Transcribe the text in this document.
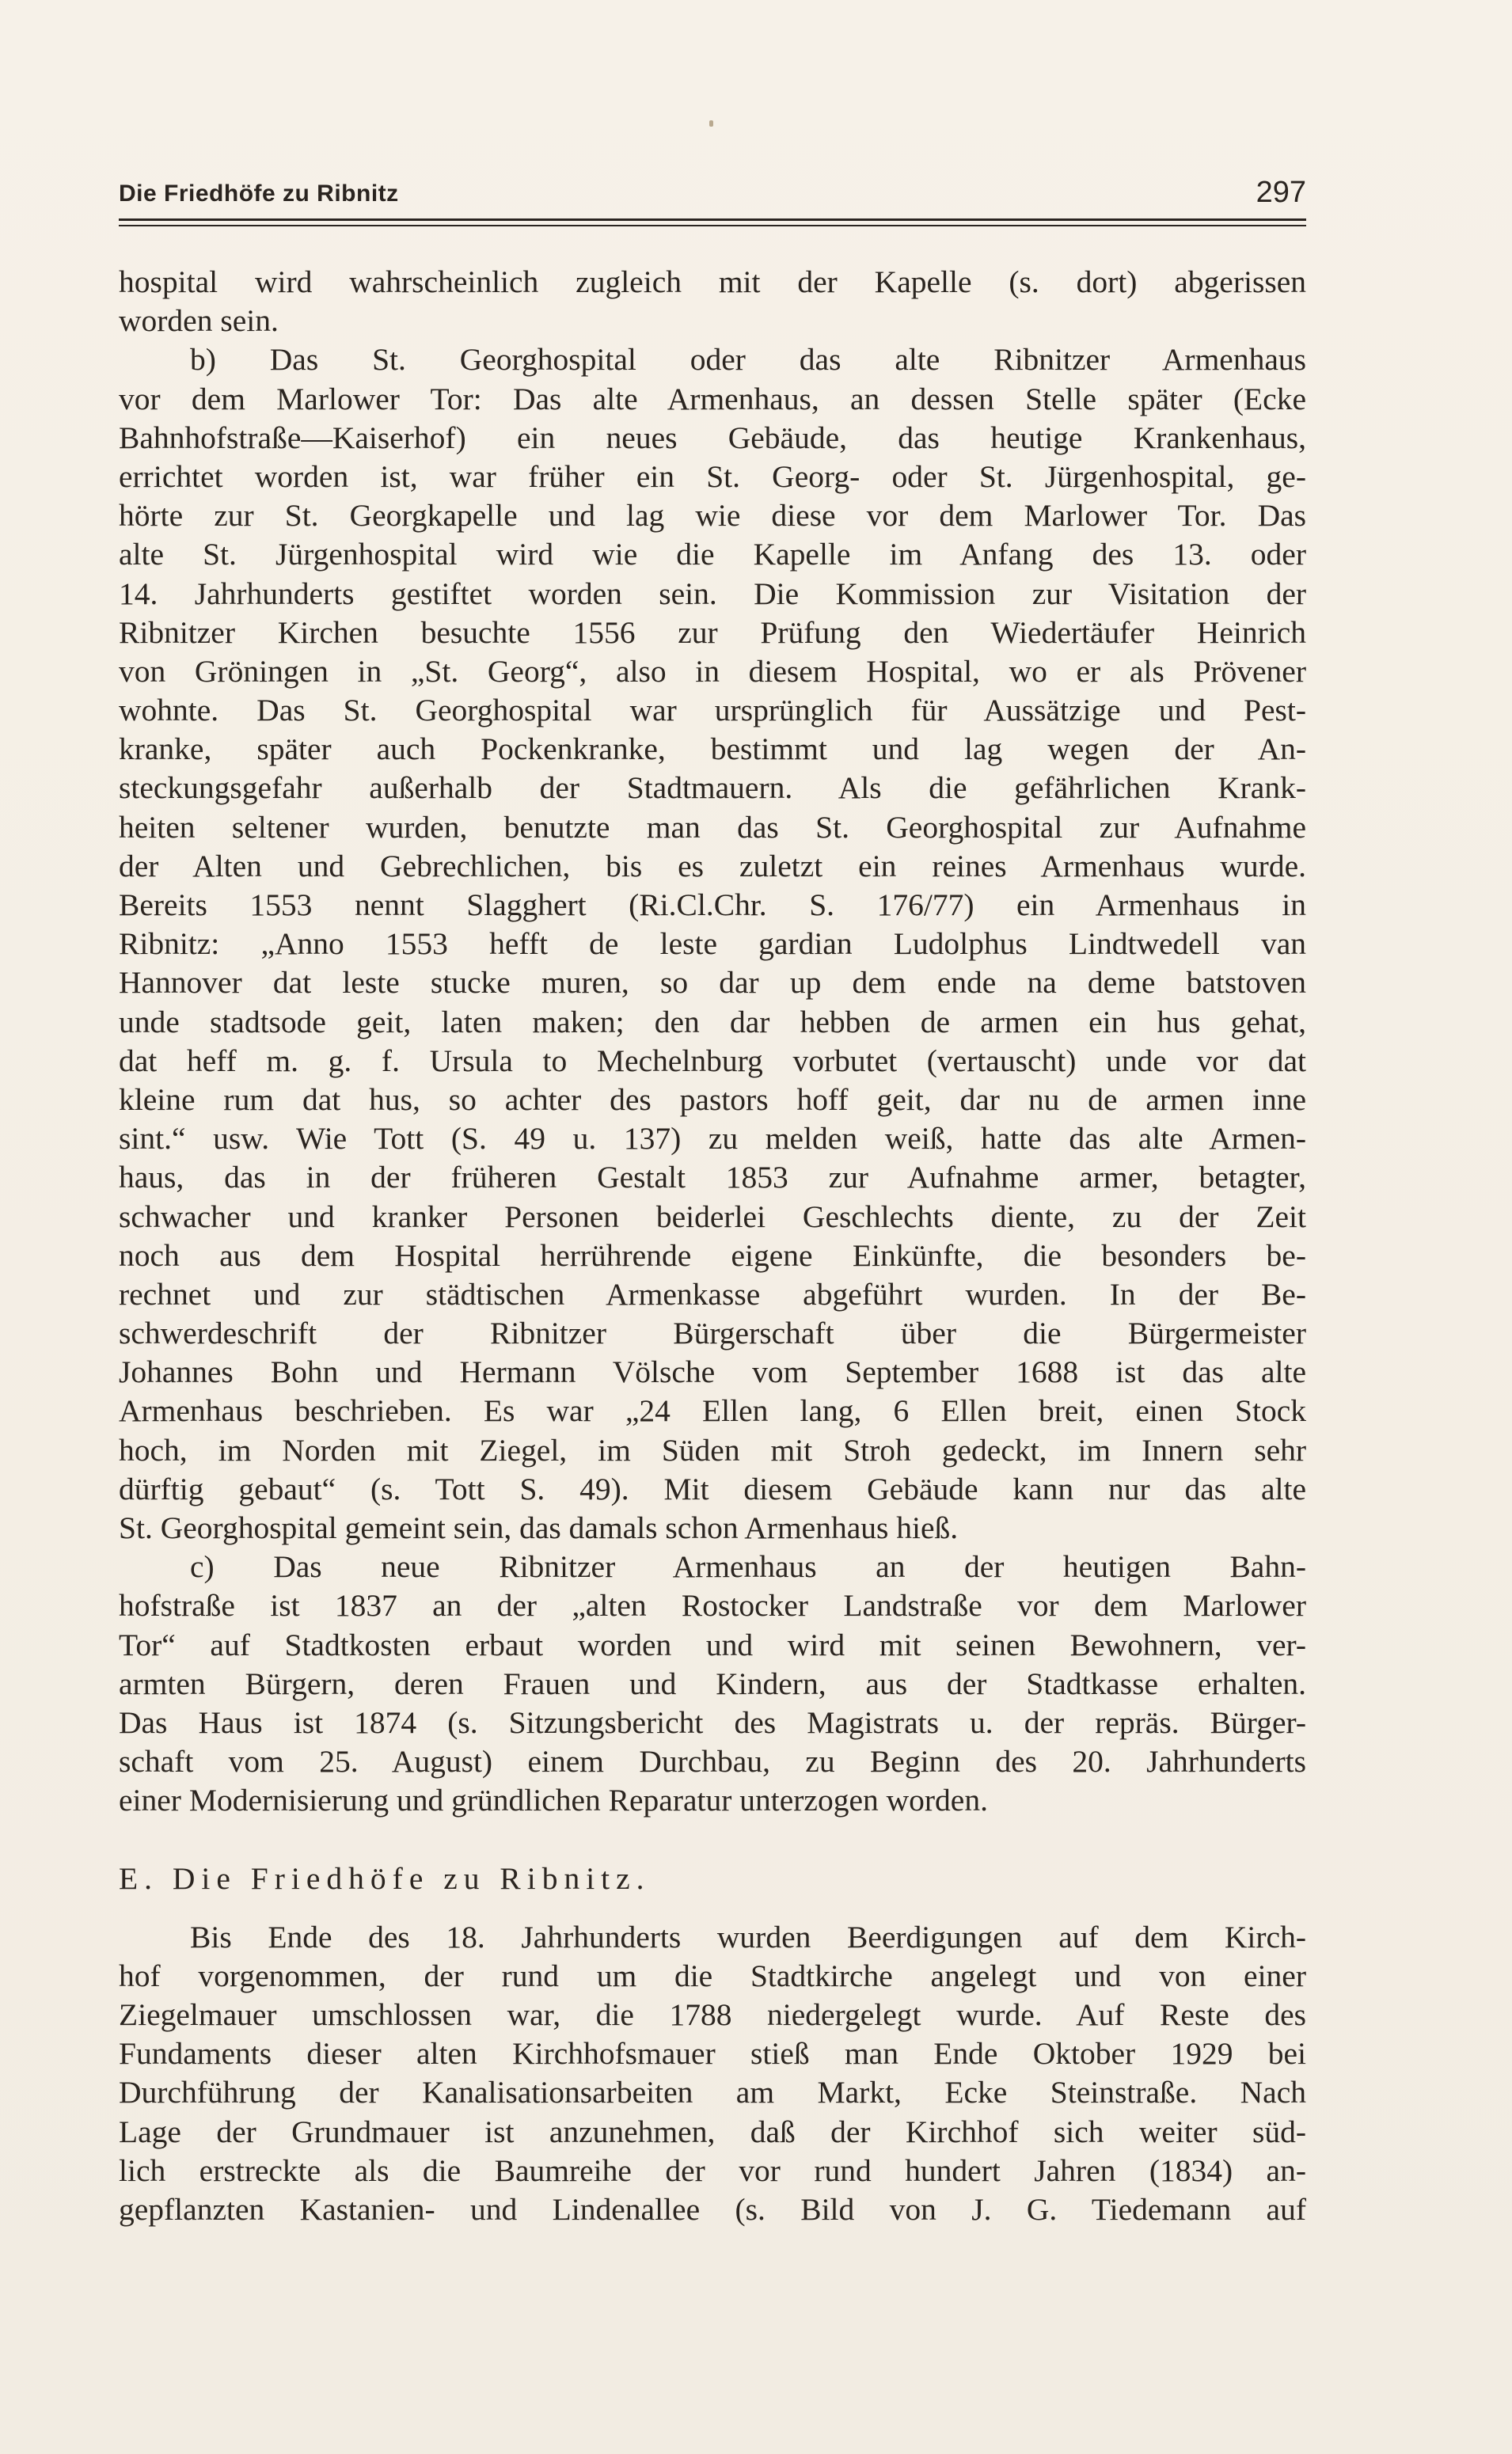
Die Friedhöfe zu Ribnitz	297
hospital wird wahrscheinlich zugleich mit der Kapelle (s. dort) abgerissen
worden sein.
b) Das St. Georghospital oder das alte Ribnitzer Armenhaus
vor dem Marlower Tor: Das alte Armenhaus, an dessen Stelle später (Ecke
Bahnhofstraße—Kaiserhof) ein neues Gebäude, das heutige Krankenhaus,
errichtet worden ist, war früher ein St. Georg- oder St. Jürgenhospital, ge-
hörte zur St. Georgkapelle und lag wie diese vor dem Marlower Tor. Das
alte St. Jürgenhospital wird wie die Kapelle im Anfang des 13. oder
14. Jahrhunderts gestiftet worden sein. Die Kommission zur Visitation der
Ribnitzer Kirchen besuchte 1556 zur Prüfung den Wiedertäufer Heinrich
von Gröningen in „St. Georg“, also in diesem Hospital, wo er als Prövener
wohnte. Das St. Georghospital war ursprünglich für Aussätzige und Pest-
kranke, später auch Pockenkranke, bestimmt und lag wegen der An-
steckungsgefahr außerhalb der Stadtmauern. Als die gefährlichen Krank-
heiten seltener wurden, benutzte man das St. Georghospital zur Aufnahme
der Alten und Gebrechlichen, bis es zuletzt ein reines Armenhaus wurde.
Bereits 1553 nennt Slagghert (Ri.Cl.Chr. S. 176/77) ein Armenhaus in
Ribnitz: „Anno 1553 hefft de leste gardian Ludolphus Lindtwedell van
Hannover dat leste stucke muren, so dar up dem ende na deme batstoven
unde stadtsode geit, laten maken; den dar hebben de armen ein hus gehat,
dat heff m. g. f. Ursula to Mechelnburg vorbutet (vertauscht) unde vor dat
kleine rum dat hus, so achter des pastors hoff geit, dar nu de armen inne
sint.“ usw. Wie Tott (S. 49 u. 137) zu melden weiß, hatte das alte Armen-
haus, das in der früheren Gestalt 1853 zur Aufnahme armer, betagter,
schwacher und kranker Personen beiderlei Geschlechts diente, zu der Zeit
noch aus dem Hospital herrührende eigene Einkünfte, die besonders be-
rechnet und zur städtischen Armenkasse abgeführt wurden. In der Be-
schwerdeschrift der Ribnitzer Bürgerschaft über die Bürgermeister
Johannes Bohn und Hermann Völsche vom September 1688 ist das alte
Armenhaus beschrieben. Es war „24 Ellen lang, 6 Ellen breit, einen Stock
hoch, im Norden mit Ziegel, im Süden mit Stroh gedeckt, im Innern sehr
dürftig gebaut“ (s. Tott S. 49). Mit diesem Gebäude kann nur das alte
St. Georghospital gemeint sein, das damals schon Armenhaus hieß.
c) Das neue Ribnitzer Armenhaus an der heutigen Bahn-
hofstraße ist 1837 an der „alten Rostocker Landstraße vor dem Marlower
Tor“ auf Stadtkosten erbaut worden und wird mit seinen Bewohnern, ver-
armten Bürgern, deren Frauen und Kindern, aus der Stadtkasse erhalten.
Das Haus ist 1874 (s. Sitzungsbericht des Magistrats u. der repräs. Bürger-
schaft vom 25. August) einem Durchbau, zu Beginn des 20. Jahrhunderts
einer Modernisierung und gründlichen Reparatur unterzogen worden.
E. Die Friedhöfe zu Ribnitz.
Bis Ende des 18. Jahrhunderts wurden Beerdigungen auf dem Kirch-
hof vorgenommen, der rund um die Stadtkirche angelegt und von einer
Ziegelmauer umschlossen war, die 1788 niedergelegt wurde. Auf Reste des
Fundaments dieser alten Kirchhofsmauer stieß man Ende Oktober 1929 bei
Durchführung der Kanalisationsarbeiten am Markt, Ecke Steinstraße. Nach
Lage der Grundmauer ist anzunehmen, daß der Kirchhof sich weiter süd-
lich erstreckte als die Baumreihe der vor rund hundert Jahren (1834) an-
gepflanzten Kastanien- und Lindenallee (s. Bild von J. G. Tiedemann auf
